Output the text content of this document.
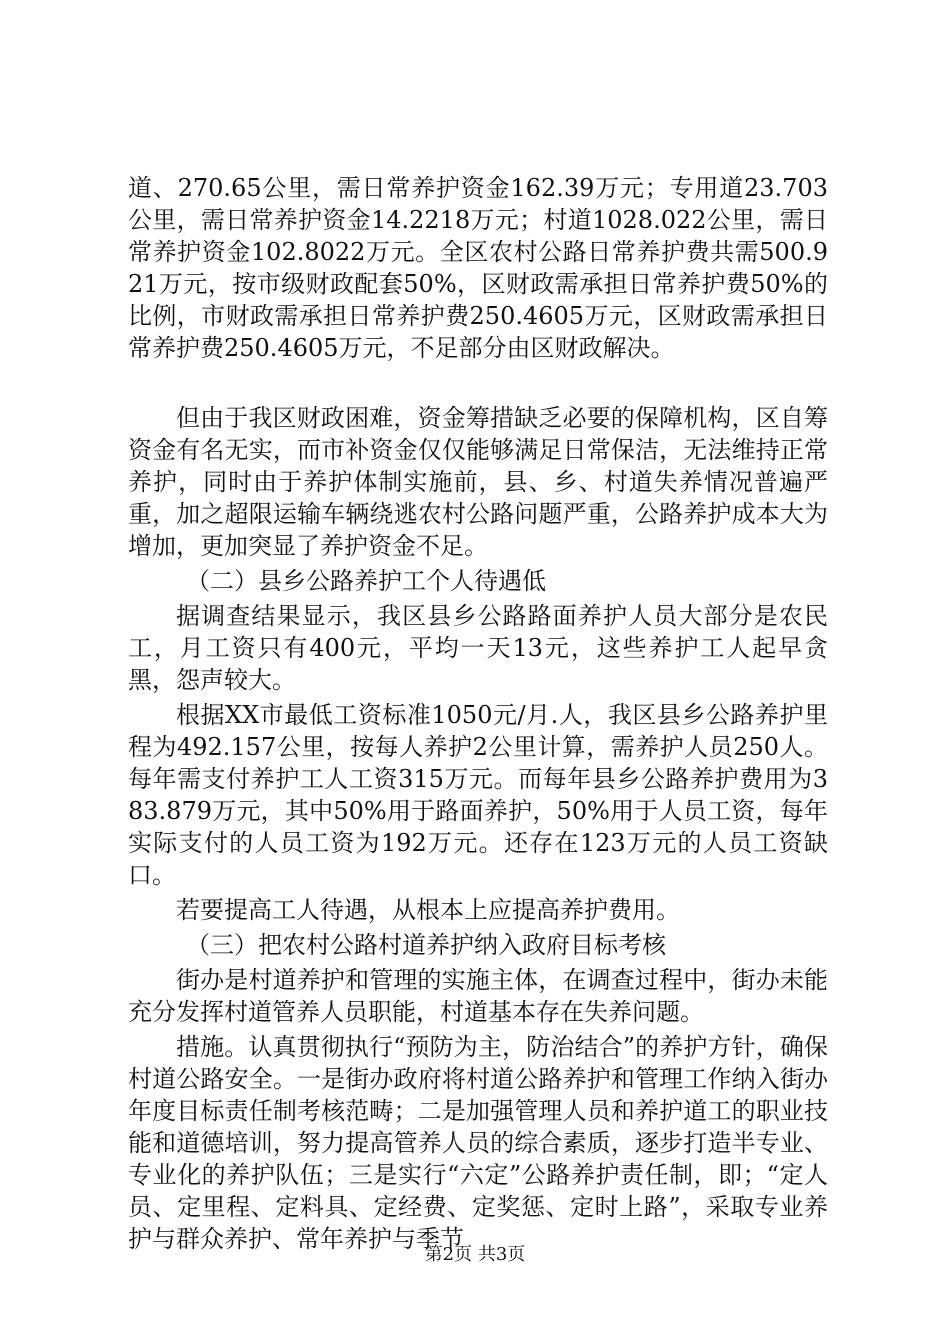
道、270.65公里，需日常养护资金162.39万元；专用道23.703公里，需日常养护资金14.2218万元；村道1028.022公里，需日常养护资金102.8022万元。全区农村公路日常养护费共需500.921万元，按市级财政配套50%，区财政需承担日常养护费50%的比例，市财政需承担日常养护费250.4605万元，区财政需承担日常养护费250.4605万元，不足部分由区财政解决。

但由于我区财政困难，资金筹措缺乏必要的保障机构，区自筹资金有名无实，而市补资金仅仅能够满足日常保洁，无法维持正常养护，同时由于养护体制实施前，县、乡、村道失养情况普遍严重，加之超限运输车辆绕逃农村公路问题严重，公路养护成本大为增加，更加突显了养护资金不足。

（二）县乡公路养护工个人待遇低

据调查结果显示，我区县乡公路路面养护人员大部分是农民工，月工资只有400元，平均一天13元，这些养护工人起早贪黑，怨声较大。

根据XX市最低工资标准1050元/月.人，我区县乡公路养护里程为492.157公里，按每人养护2公里计算，需养护人员250人。每年需支付养护工人工资315万元。而每年县乡公路养护费用为383.879万元，其中50%用于路面养护，50%用于人员工资，每年实际支付的人员工资为192万元。还存在123万元的人员工资缺口。

若要提高工人待遇，从根本上应提高养护费用。

（三）把农村公路村道养护纳入政府目标考核

街办是村道养护和管理的实施主体，在调查过程中，街办未能充分发挥村道管养人员职能，村道基本存在失养问题。

措施。认真贯彻执行“预防为主，防治结合”的养护方针，确保村道公路安全。一是街办政府将村道公路养护和管理工作纳入街办年度目标责任制考核范畴；二是加强管理人员和养护道工的职业技能和道德培训，努力提高管养人员的综合素质，逐步打造半专业、专业化的养护队伍；三是实行“六定”公路养护责任制，即；“定人员、定里程、定料具、定经费、定奖惩、定时上路”，采取专业养护与群众养护、常年养护与季节

第2页 共3页
